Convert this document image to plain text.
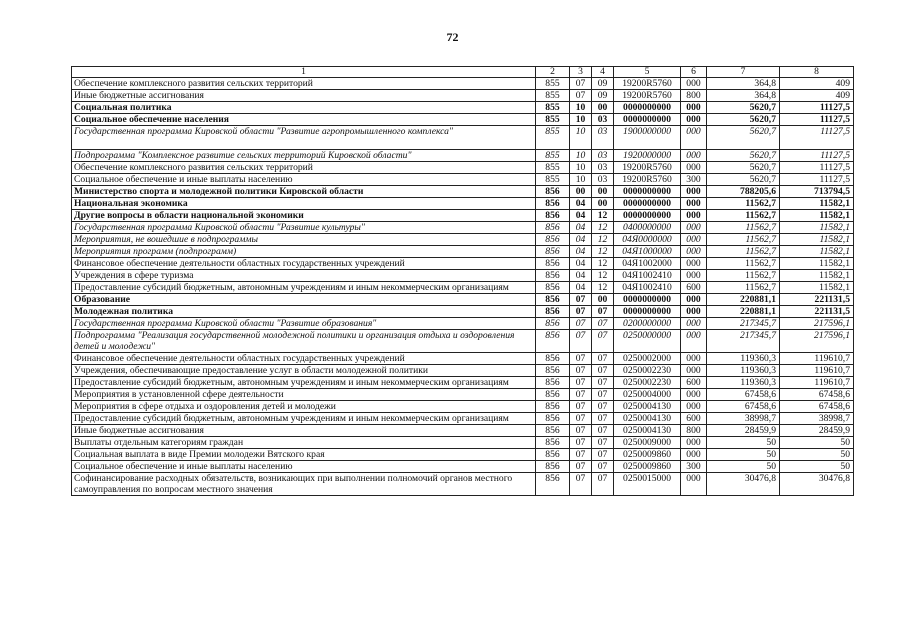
72
1	2	3	4	5	6	7	8
Обеспечение комплексного развития сельских территорий	855	07	09	19200R5760	000	364,8	409
Иные бюджетные ассигнования	855	07	09	19200R5760	800	364,8	409
Социальная политика	855	10	00	0000000000	000	5620,7	11127,5
Социальное обеспечение населения	855	10	03	0000000000	000	5620,7	11127,5
Государственная программа Кировской области "Развитие агропромышленного комплекса"	855	10	03	1900000000	000	5620,7	11127,5
Подпрограмма "Комплексное развитие сельских территорий Кировской области"	855	10	03	1920000000	000	5620,7	11127,5
Обеспечение комплексного развития сельских территорий	855	10	03	19200R5760	000	5620,7	11127,5
Социальное обеспечение и иные выплаты населению	855	10	03	19200R5760	300	5620,7	11127,5
Министерство спорта и молодежной политики Кировской области	856	00	00	0000000000	000	788205,6	713794,5
Национальная экономика	856	04	00	0000000000	000	11562,7	11582,1
Другие вопросы в области национальной экономики	856	04	12	0000000000	000	11562,7	11582,1
Государственная программа Кировской области "Развитие культуры"	856	04	12	0400000000	000	11562,7	11582,1
Мероприятия, не вошедшие в подпрограммы	856	04	12	04Я0000000	000	11562,7	11582,1
Мероприятия программ (подпрограмм)	856	04	12	04Я1000000	000	11562,7	11582,1
Финансовое обеспечение деятельности областных государственных учреждений	856	04	12	04Я1002000	000	11562,7	11582,1
Учреждения в сфере туризма	856	04	12	04Я1002410	000	11562,7	11582,1
Предоставление субсидий бюджетным, автономным учреждениям и иным некоммерческим организациям	856	04	12	04Я1002410	600	11562,7	11582,1
Образование	856	07	00	0000000000	000	220881,1	221131,5
Молодежная политика	856	07	07	0000000000	000	220881,1	221131,5
Государственная программа Кировской области "Развитие образования"	856	07	07	0200000000	000	217345,7	217596,1
Подпрограмма "Реализация государственной молодежной политики и организация отдыха и оздоровления детей и молодежи"	856	07	07	0250000000	000	217345,7	217596,1
Финансовое обеспечение деятельности областных государственных учреждений	856	07	07	0250002000	000	119360,3	119610,7
Учреждения, обеспечивающие предоставление услуг в области молодежной политики	856	07	07	0250002230	000	119360,3	119610,7
Предоставление субсидий бюджетным, автономным учреждениям и иным некоммерческим организациям	856	07	07	0250002230	600	119360,3	119610,7
Мероприятия в установленной сфере деятельности	856	07	07	0250004000	000	67458,6	67458,6
Мероприятия в сфере отдыха и оздоровления детей и молодежи	856	07	07	0250004130	000	67458,6	67458,6
Предоставление субсидий бюджетным, автономным учреждениям и иным некоммерческим организациям	856	07	07	0250004130	600	38998,7	38998,7
Иные бюджетные ассигнования	856	07	07	0250004130	800	28459,9	28459,9
Выплаты отдельным категориям граждан	856	07	07	0250009000	000	50	50
Социальная выплата в виде Премии молодежи Вятского края	856	07	07	0250009860	000	50	50
Социальное обеспечение и иные выплаты населению	856	07	07	0250009860	300	50	50
Софинансирование расходных обязательств, возникающих при выполнении полномочий органов местного самоуправления по вопросам местного значения	856	07	07	0250015000	000	30476,8	30476,8
